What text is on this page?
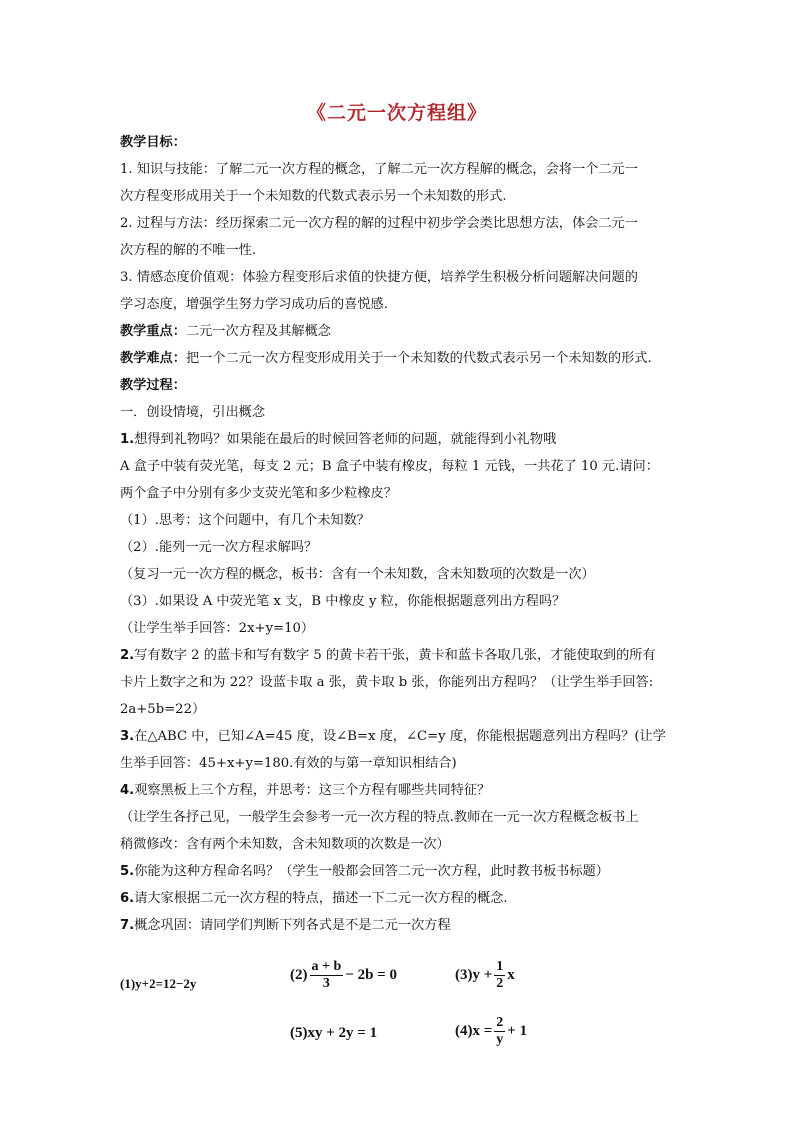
《二元一次方程组》
教学目标：
1. 知识与技能：了解二元一次方程的概念，了解二元一次方程解的概念，会将一个二元一
次方程变形成用关于一个未知数的代数式表示另一个未知数的形式.
2. 过程与方法：经历探索二元一次方程的解的过程中初步学会类比思想方法，体会二元一
次方程的解的不唯一性.
3. 情感态度价值观：体验方程变形后求值的快捷方便，培养学生积极分析问题解决问题的
学习态度，增强学生努力学习成功后的喜悦感.
教学重点：二元一次方程及其解概念
教学难点：把一个二元一次方程变形成用关于一个未知数的代数式表示另一个未知数的形式.
教学过程：
一．创设情境，引出概念
1.想得到礼物吗？如果能在最后的时候回答老师的问题，就能得到小礼物哦
A 盒子中装有荧光笔，每支 2 元；B 盒子中装有橡皮，每粒 1 元钱，一共花了 10 元.请问：
两个盒子中分别有多少支荧光笔和多少粒橡皮？
（1）.思考：这个问题中，有几个未知数？
（2）.能列一元一次方程求解吗？
（复习一元一次方程的概念，板书：含有一个未知数，含未知数项的次数是一次）
（3）.如果设 A 中荧光笔 x 支，B 中橡皮 y 粒，你能根据题意列出方程吗？
（让学生举手回答：2x+y=10）
2.写有数字 2 的蓝卡和写有数字 5 的黄卡若干张，黄卡和蓝卡各取几张，才能使取到的所有
卡片上数字之和为 22？设蓝卡取 a 张，黄卡取 b 张，你能列出方程吗？（让学生举手回答:
2a+5b=22）
3.在△ABC 中，已知∠A=45 度，设∠B=x 度，∠C=y 度，你能根据题意列出方程吗？(让学
生举手回答：45+x+y=180.有效的与第一章知识相结合)
4.观察黑板上三个方程，并思考：这三个方程有哪些共同特征？
（让学生各抒己见，一般学生会参考一元一次方程的特点.教师在一元一次方程概念板书上
稍微修改：含有两个未知数，含未知数项的次数是一次）
5.你能为这种方程命名吗？（学生一般都会回答二元一次方程，此时教书板书标题）
6.请大家根据二元一次方程的特点，描述一下二元一次方程的概念.
7.概念巩固：请同学们判断下列各式是不是二元一次方程
(1)y+2=12−2y
$(2) \frac{a + b}{3} - 2b = 0$	$(3)y + \frac{1}{2}$ x
(5)xy + 2y = 1	$(4)x = \frac{2}{y} + 1$
